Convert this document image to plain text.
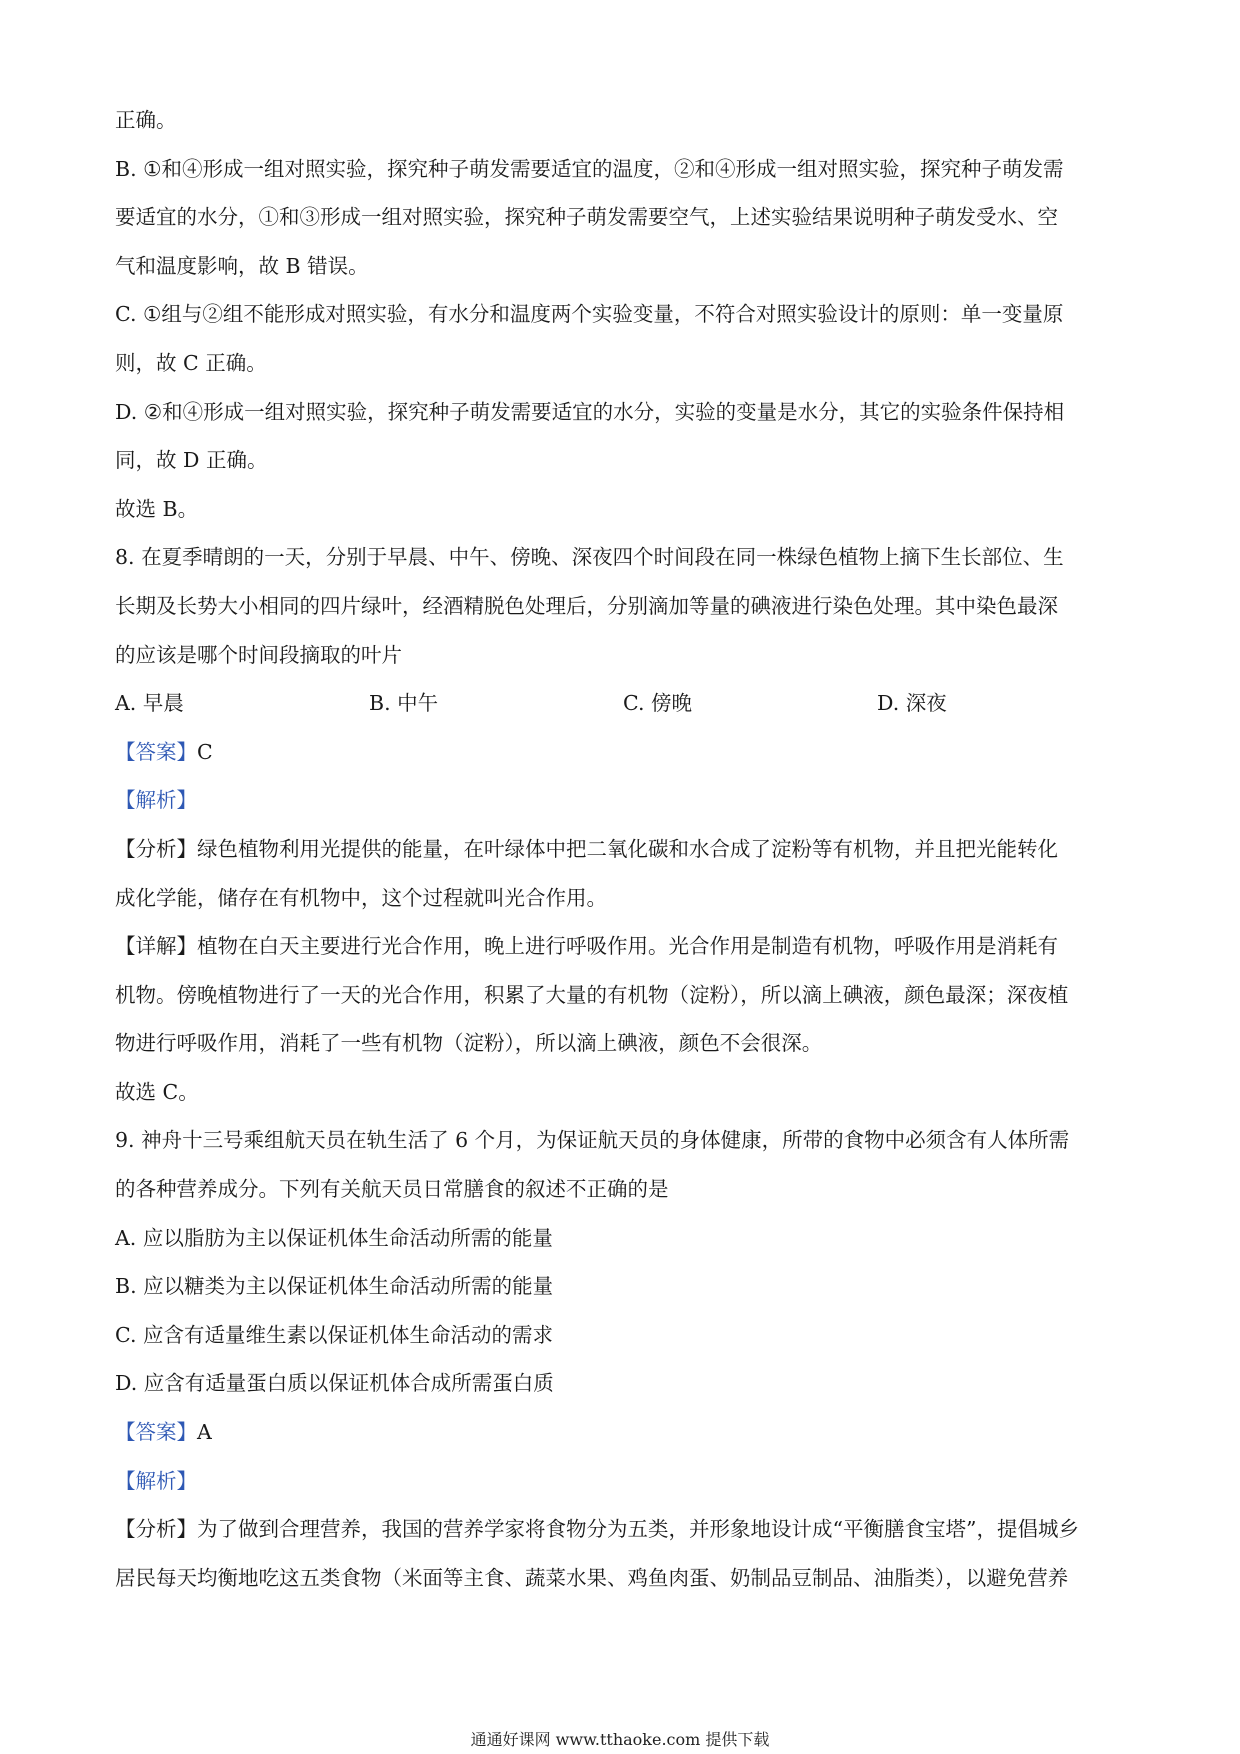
正确。
B. ①和④形成一组对照实验，探究种子萌发需要适宜的温度，②和④形成一组对照实验，探究种子萌发需
要适宜的水分，①和③形成一组对照实验，探究种子萌发需要空气，上述实验结果说明种子萌发受水、空
气和温度影响，故 B 错误。
C. ①组与②组不能形成对照实验，有水分和温度两个实验变量，不符合对照实验设计的原则：单一变量原
则，故 C 正确。
D. ②和④形成一组对照实验，探究种子萌发需要适宜的水分，实验的变量是水分，其它的实验条件保持相
同，故 D 正确。
故选 B。
8. 在夏季晴朗的一天，分别于早晨、中午、傍晚、深夜四个时间段在同一株绿色植物上摘下生长部位、生
长期及长势大小相同的四片绿叶，经酒精脱色处理后，分别滴加等量的碘液进行染色处理。其中染色最深
的应该是哪个时间段摘取的叶片
A. 早晨	B. 中午	C. 傍晚	D. 深夜
【答案】C
【解析】
【分析】绿色植物利用光提供的能量，在叶绿体中把二氧化碳和水合成了淀粉等有机物，并且把光能转化
成化学能，储存在有机物中，这个过程就叫光合作用。
【详解】植物在白天主要进行光合作用，晚上进行呼吸作用。光合作用是制造有机物，呼吸作用是消耗有
机物。傍晚植物进行了一天的光合作用，积累了大量的有机物（淀粉），所以滴上碘液，颜色最深；深夜植
物进行呼吸作用，消耗了一些有机物（淀粉），所以滴上碘液，颜色不会很深。
故选 C。
9. 神舟十三号乘组航天员在轨生活了 6 个月，为保证航天员的身体健康，所带的食物中必须含有人体所需
的各种营养成分。下列有关航天员日常膳食的叙述不正确的是
A. 应以脂肪为主以保证机体生命活动所需的能量
B. 应以糖类为主以保证机体生命活动所需的能量
C. 应含有适量维生素以保证机体生命活动的需求
D. 应含有适量蛋白质以保证机体合成所需蛋白质
【答案】A
【解析】
【分析】为了做到合理营养，我国的营养学家将食物分为五类，并形象地设计成“平衡膳食宝塔”，提倡城乡
居民每天均衡地吃这五类食物（米面等主食、蔬菜水果、鸡鱼肉蛋、奶制品豆制品、油脂类），以避免营养
通通好课网 www.tthaoke.com 提供下载
